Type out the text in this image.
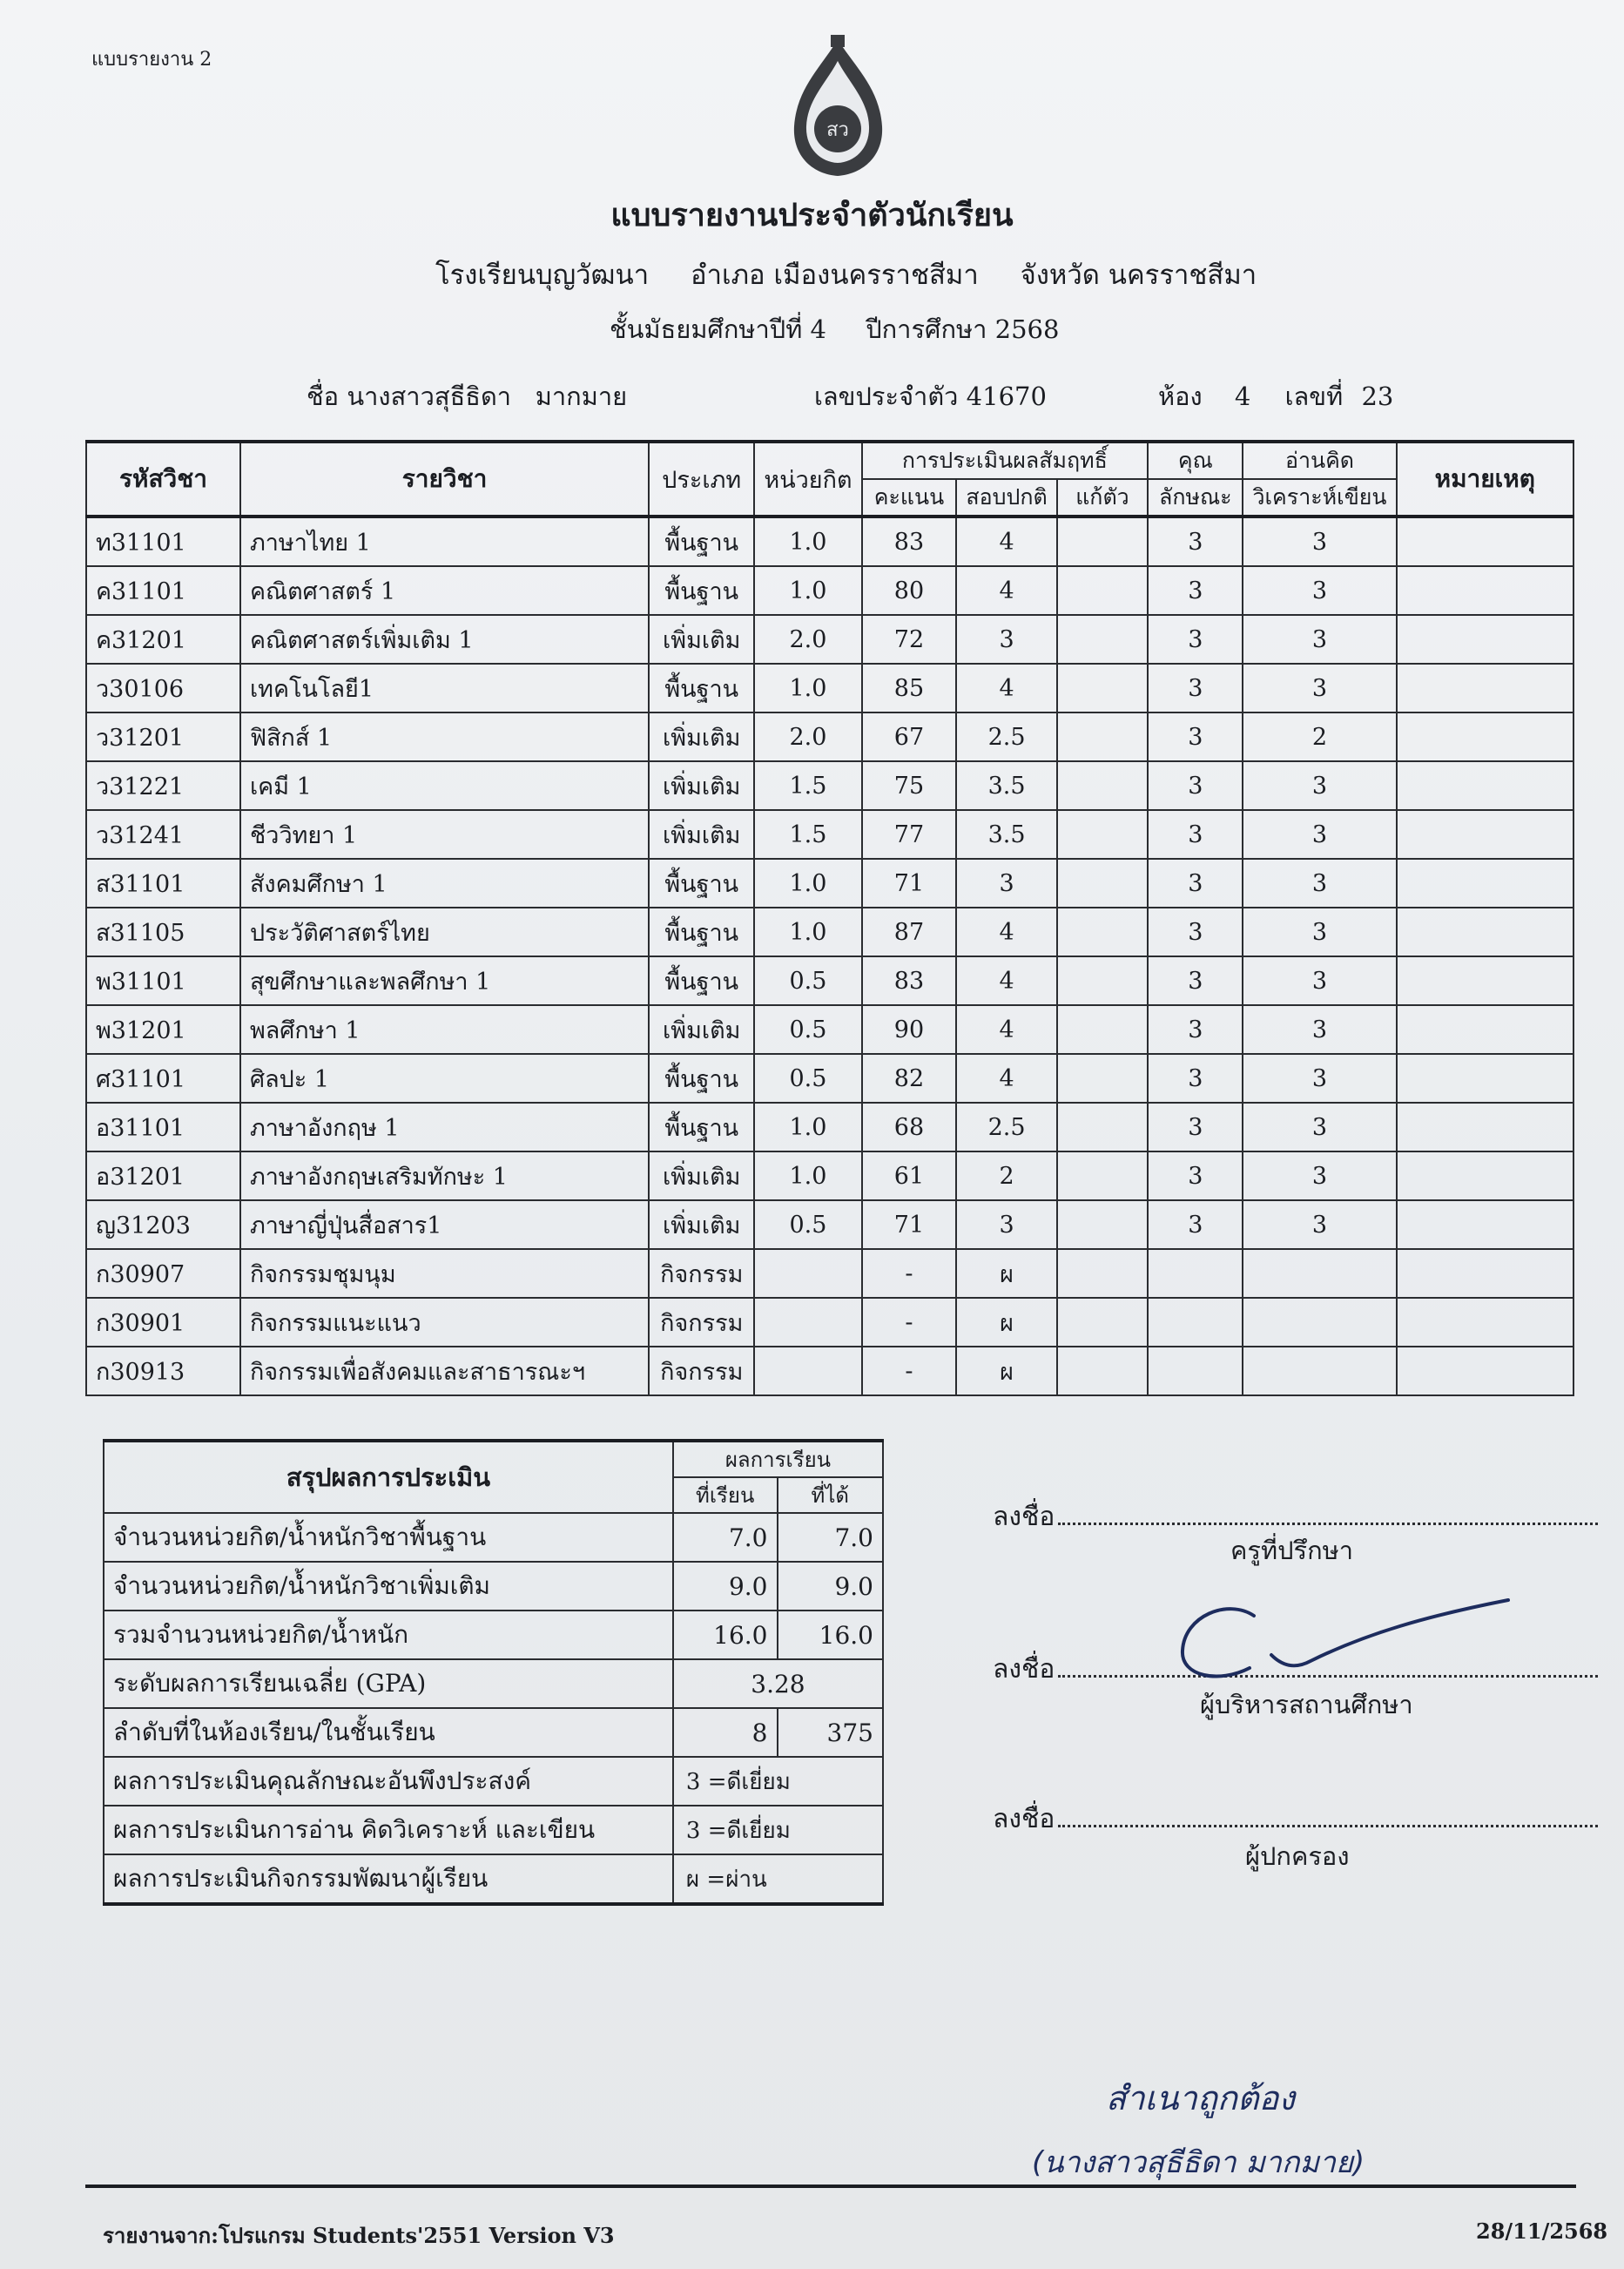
แบบรายงาน 2
สว
แบบรายงานประจำตัวนักเรียน
โรงเรียนบุญวัฒนา อำเภอ เมืองนครราชสีมา จังหวัด นครราชสีมา
ชั้นมัธยมศึกษาปีที่ 4 ปีการศึกษา 2568
ชื่อ นางสาวสุธีธิดา   มากมาย	เลขประจำตัว 41670	ห้อง 4 เลขที่ 23
รหัสวิชา	รายวิชา	ประเภท	หน่วยกิต	การประเมินผลสัมฤทธิ์			คุณ	อ่านคิด	หมายเหตุ
				คะแนน	สอบปกติ	แก้ตัว	ลักษณะ	วิเคราะห์เขียน	
ท31101	ภาษาไทย 1	พื้นฐาน	1.0	83	4		3	3	
ค31101	คณิตศาสตร์ 1	พื้นฐาน	1.0	80	4		3	3	
ค31201	คณิตศาสตร์เพิ่มเติม 1	เพิ่มเติม	2.0	72	3		3	3	
ว30106	เทคโนโลยี1	พื้นฐาน	1.0	85	4		3	3	
ว31201	ฟิสิกส์ 1	เพิ่มเติม	2.0	67	2.5		3	2	
ว31221	เคมี 1	เพิ่มเติม	1.5	75	3.5		3	3	
ว31241	ชีววิทยา 1	เพิ่มเติม	1.5	77	3.5		3	3	
ส31101	สังคมศึกษา 1	พื้นฐาน	1.0	71	3		3	3	
ส31105	ประวัติศาสตร์ไทย	พื้นฐาน	1.0	87	4		3	3	
พ31101	สุขศึกษาและพลศึกษา 1	พื้นฐาน	0.5	83	4		3	3	
พ31201	พลศึกษา 1	เพิ่มเติม	0.5	90	4		3	3	
ศ31101	ศิลปะ 1	พื้นฐาน	0.5	82	4		3	3	
อ31101	ภาษาอังกฤษ 1	พื้นฐาน	1.0	68	2.5		3	3	
อ31201	ภาษาอังกฤษเสริมทักษะ 1	เพิ่มเติม	1.0	61	2		3	3	
ญ31203	ภาษาญี่ปุ่นสื่อสาร1	เพิ่มเติม	0.5	71	3		3	3	
ก30907	กิจกรรมชุมนุม	กิจกรรม		-	ผ				
ก30901	กิจกรรมแนะแนว	กิจกรรม		-	ผ				
ก30913	กิจกรรมเพื่อสังคมและสาธารณะฯ	กิจกรรม		-	ผ				
สรุปผลการประเมิน	ผลการเรียน	
	ที่เรียน	ที่ได้
จำนวนหน่วยกิต/น้ำหนักวิชาพื้นฐาน	7.0	7.0
จำนวนหน่วยกิต/น้ำหนักวิชาเพิ่มเติม	9.0	9.0
รวมจำนวนหน่วยกิต/น้ำหนัก	16.0	16.0
ระดับผลการเรียนเฉลี่ย (GPA)	3.28	
ลำดับที่ในห้องเรียน/ในชั้นเรียน	8	375
ผลการประเมินคุณลักษณะอันพึงประสงค์	3 =ดีเยี่ยม	
ผลการประเมินการอ่าน คิดวิเคราะห์ และเขียน	3 =ดีเยี่ยม	
ผลการประเมินกิจกรรมพัฒนาผู้เรียน	ผ =ผ่าน	
ลงชื่อ
ครูที่ปรึกษา
ลงชื่อ
ผู้บริหารสถานศึกษา
ลงชื่อ
ผู้ปกครอง
สำเนาถูกต้อง
(นางสาวสุธีธิดา มากมาย)
รายงานจาก:โปรแกรม Students'2551 Version V3	28/11/2568
